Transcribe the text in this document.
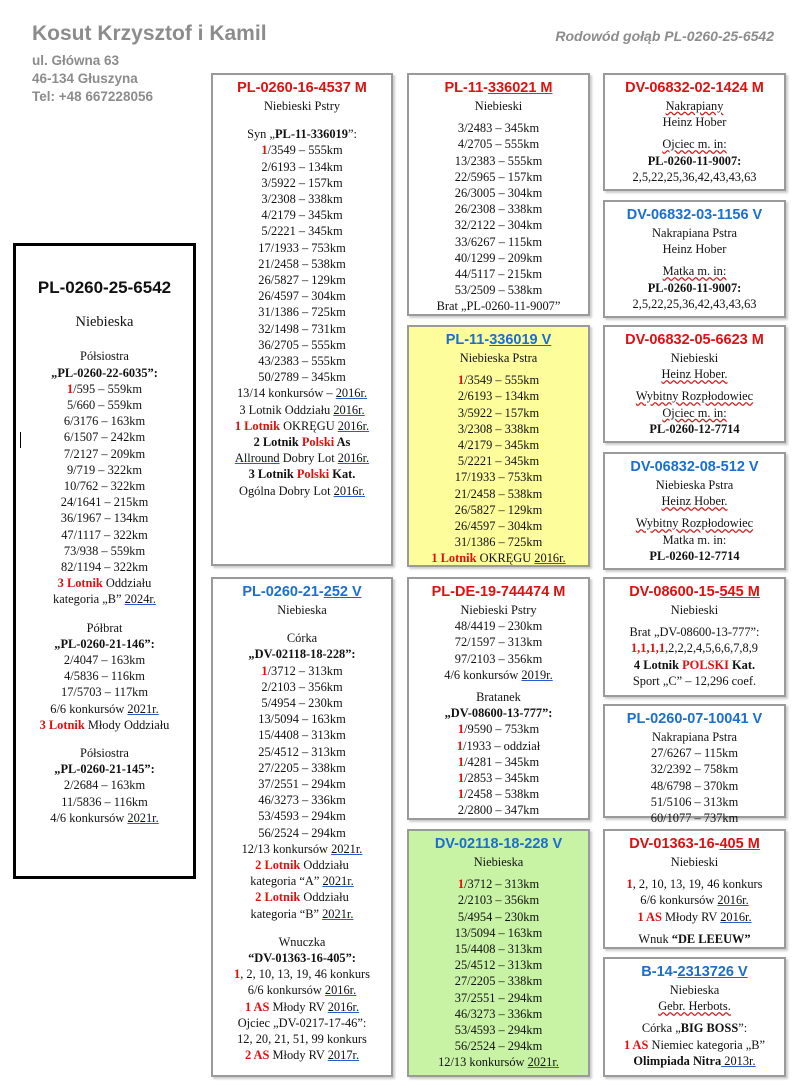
Kosut Krzysztof i Kamil
ul. Główna 63
46-134 Głuszyna
Tel: +48 667228056
Rodowód gołąb PL-0260-25-6542
PL-0260-25-6542
Niebieska
Półsiostra
„PL-0260-22-6035”:
1/595 – 559km
5/660 – 559km
6/3176 – 163km
6/1507 – 242km
7/2127 – 209km
9/719 – 322km
10/762 – 322km
24/1641 – 215km
36/1967 – 134km
47/1117 – 322km
73/938 – 559km
82/1194 – 322km
3 Lotnik Oddziału
kategoria „B” 2024r.
Półbrat
„PL-0260-21-146”:
2/4047 – 163km
4/5836 – 116km
17/5703 – 117km
6/6 konkursów 2021r.
3 Lotnik Młody Oddziału
Półsiostra
„PL-0260-21-145”:
2/2684 – 163km
11/5836 – 116km
4/6 konkursów 2021r.
PL-0260-16-4537 M
Niebieski Pstry
Syn „PL-11-336019”:
1/3549 – 555km
2/6193 – 134km
3/5922 – 157km
3/2308 – 338km
4/2179 – 345km
5/2221 – 345km
17/1933 – 753km
21/2458 – 538km
26/5827 – 129km
26/4597 – 304km
31/1386 – 725km
32/1498 – 731km
36/2705 – 555km
43/2383 – 555km
50/2789 – 345km
13/14 konkursów – 2016r.
3 Lotnik Oddziału 2016r.
1 Lotnik OKRĘGU 2016r.
2 Lotnik Polski As
Allround Dobry Lot 2016r.
3 Lotnik Polski Kat.
Ogólna Dobry Lot 2016r.
PL-0260-21-252 V
Niebieska
Córka
„DV-02118-18-228”:
1/3712 – 313km
2/2103 – 356km
5/4954 – 230km
13/5094 – 163km
15/4408 – 313km
25/4512 – 313km
27/2205 – 338km
37/2551 – 294km
46/3273 – 336km
53/4593 – 294km
56/2524 – 294km
12/13 konkursów 2021r.
2 Lotnik Oddziału
kategoria “A” 2021r.
2 Lotnik Oddziału
kategoria “B” 2021r.
Wnuczka
“DV-01363-16-405”:
1, 2, 10, 13, 19, 46 konkurs
6/6 konkursów 2016r.
1 AS Młody RV 2016r.
Ojciec „DV-0217-17-46”:
12, 20, 21, 51, 99 konkurs
2 AS Młody RV 2017r.
PL-11-336021 M
Niebieski
3/2483 – 345km
4/2705 – 555km
13/2383 – 555km
22/5965 – 157km
26/3005 – 304km
26/2308 – 338km
32/2122 – 304km
33/6267 – 115km
40/1299 – 209km
44/5117 – 215km
53/2509 – 538km
Brat „PL-0260-11-9007”
PL-11-336019 V
Niebieska Pstra
1/3549 – 555km
2/6193 – 134km
3/5922 – 157km
3/2308 – 338km
4/2179 – 345km
5/2221 – 345km
17/1933 – 753km
21/2458 – 538km
26/5827 – 129km
26/4597 – 304km
31/1386 – 725km
1 Lotnik OKRĘGU 2016r.
PL-DE-19-744474 M
Niebieski Pstry
48/4419 – 230km
72/1597 – 313km
97/2103 – 356km
4/6 konkursów 2019r.
Bratanek
„DV-08600-13-777”:
1/9590 – 753km
1/1933 – oddział
1/4281 – 345km
1/2853 – 345km
1/2458 – 538km
2/2800 – 347km
DV-02118-18-228 V
Niebieska
1/3712 – 313km
2/2103 – 356km
5/4954 – 230km
13/5094 – 163km
15/4408 – 313km
25/4512 – 313km
27/2205 – 338km
37/2551 – 294km
46/3273 – 336km
53/4593 – 294km
56/2524 – 294km
12/13 konkursów 2021r.
DV-06832-02-1424 M
Nakrapiany
Heinz Hober
Ojciec m. in:
PL-0260-11-9007:
2,5,22,25,36,42,43,43,63
DV-06832-03-1156 V
Nakrapiana Pstra
Heinz Hober
Matka m. in:
PL-0260-11-9007:
2,5,22,25,36,42,43,43,63
DV-06832-05-6623 M
Niebieski
Heinz Hober.
Wybitny Rozpłodowiec
Ojciec m. in:
PL-0260-12-7714
DV-06832-08-512 V
Niebieska Pstra
Heinz Hober.
Wybitny Rozpłodowiec
Matka m. in:
PL-0260-12-7714
DV-08600-15-545 M
Niebieski
Brat „DV-08600-13-777”:
1,1,1,1,2,2,2,4,5,6,6,7,8,9
4 Lotnik POLSKI Kat.
Sport „C” – 12,296 coef.
PL-0260-07-10041 V
Nakrapiana Pstra
27/6267 – 115km
32/2392 – 758km
48/6798 – 370km
51/5106 – 313km
60/1077 – 737km
DV-01363-16-405 M
Niebieski
1, 2, 10, 13, 19, 46 konkurs
6/6 konkursów 2016r.
1 AS Młody RV 2016r.
Wnuk “DE LEEUW”
B-14-2313726 V
Niebieska
Gebr. Herbots.
Córka „BIG BOSS”:
1 AS Niemiec kategoria „B”
Olimpiada Nitra 2013r.
